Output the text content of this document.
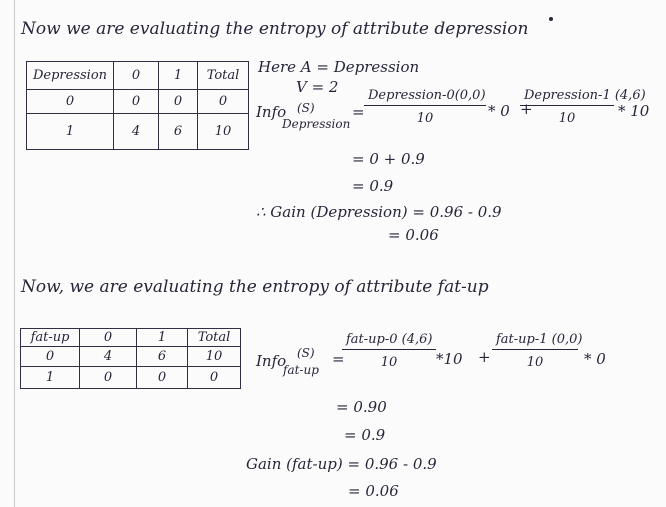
Now we are evaluating the entropy of attribute depression
Depression	0	1	Total
0	0	0	0
1	4	6	10
Here A = Depression
V = 2
Info (S)
Depression
=
Depression-0(0,0)
10	* 0 +
Depression-1 (4,6)
10	* 10
= 0 + 0.9
= 0.9
∴ Gain (Depression) = 0.96 - 0.9
= 0.06
Now, we are evaluating the entropy of attribute fat-up
fat-up	0	1	Total
0	4	6	10
1	0	0	0
Info (S)
fat-up
=
fat-up-0 (4,6)
10	*10 +
fat-up-1 (0,0)
10	* 0
= 0.90
= 0.9
Gain (fat-up) = 0.96 - 0.9
= 0.06
